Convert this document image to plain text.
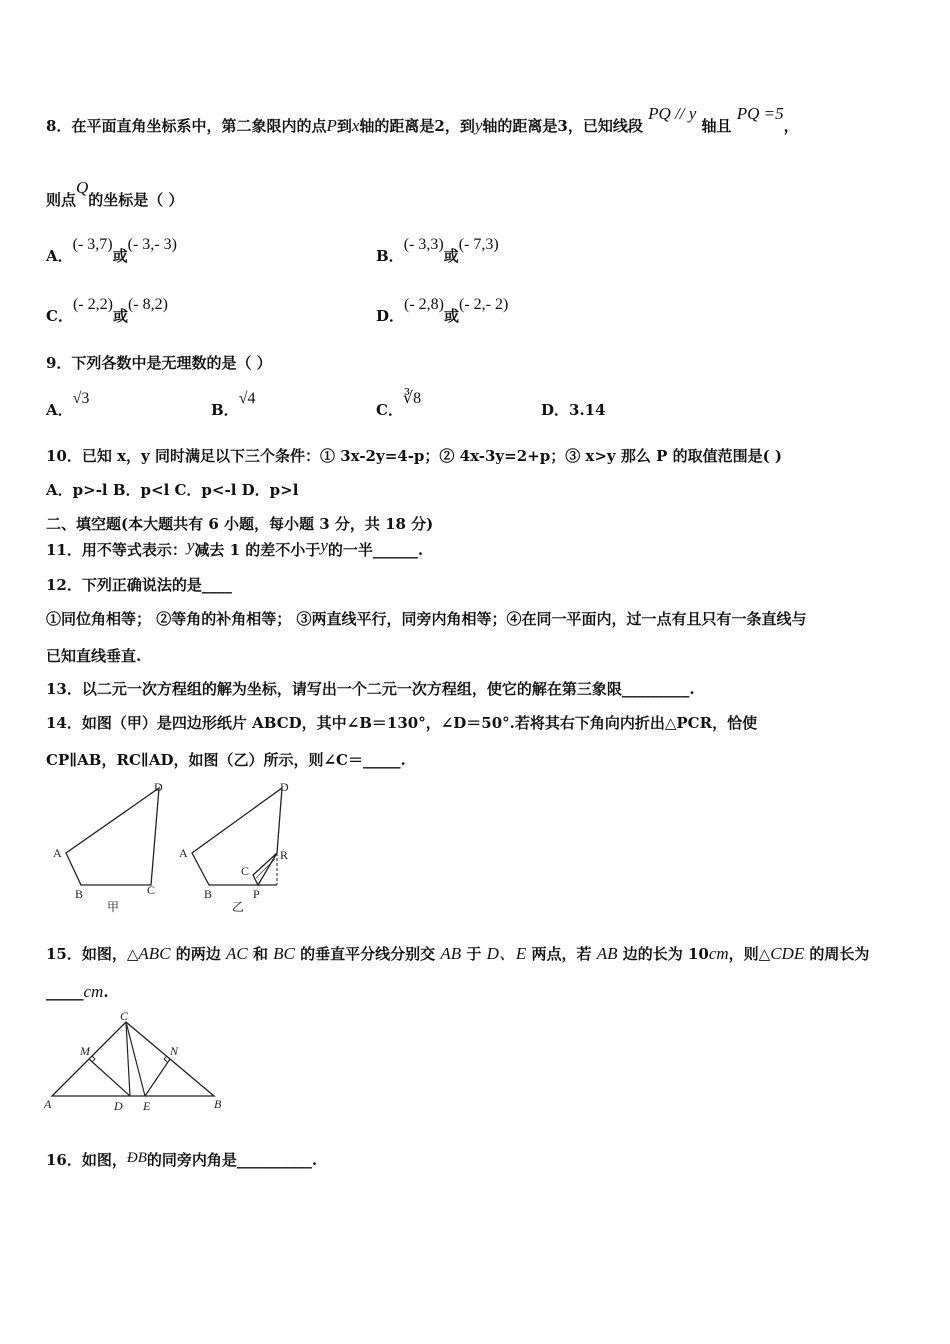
8．在平面直角坐标系中，第二象限内的点P到x轴的距离是2，到y轴的距离是3，已知线段 PQ // y 轴且 PQ =5，
则点Q的坐标是（ ）
A．(- 3,7)或(- 3,- 3)
B．(- 3,3)或(- 7,3)
C．(- 2,2)或(- 8,2)
D．(- 2,8)或(- 2,- 2)
9．下列各数中是无理数的是（ ）
A．√3
B．√4
C．∛8
D．3.14
10．已知 x，y 同时满足以下三个条件：① 3x-2y=4-p；② 4x-3y=2+p；③ x>y 那么 P 的取值范围是( )
A．p>-l B．p<l C．p<-l D．p>l
二、填空题(本大题共有 6 小题，每小题 3 分，共 18 分)
11．用不等式表示：y减去 1 的差不小于y的一半______.
12．下列正确说法的是____
①同位角相等； ②等角的补角相等； ③两直线平行，同旁内角相等；④在同一平面内，过一点有且只有一条直线与
已知直线垂直.
13．以二元一次方程组的解为坐标，请写出一个二元一次方程组，使它的解在第三象限_________.
14．如图（甲）是四边形纸片 ABCD，其中∠B＝130°，∠D＝50°.若将其右下角向内折出△PCR，恰使
CP∥AB，RC∥AD，如图（乙）所示，则∠C＝_____.
A
B	C
D
甲
A
B
C
D
P
R
乙
15．如图，△ABC 的两边 AC 和 BC 的垂直平分线分别交 AB 于 D、E 两点，若 AB 边的长为 10cm，则△CDE 的周长为
_____cm.
A	B
C
D E
M	N
16．如图，ÐB的同旁内角是__________.
